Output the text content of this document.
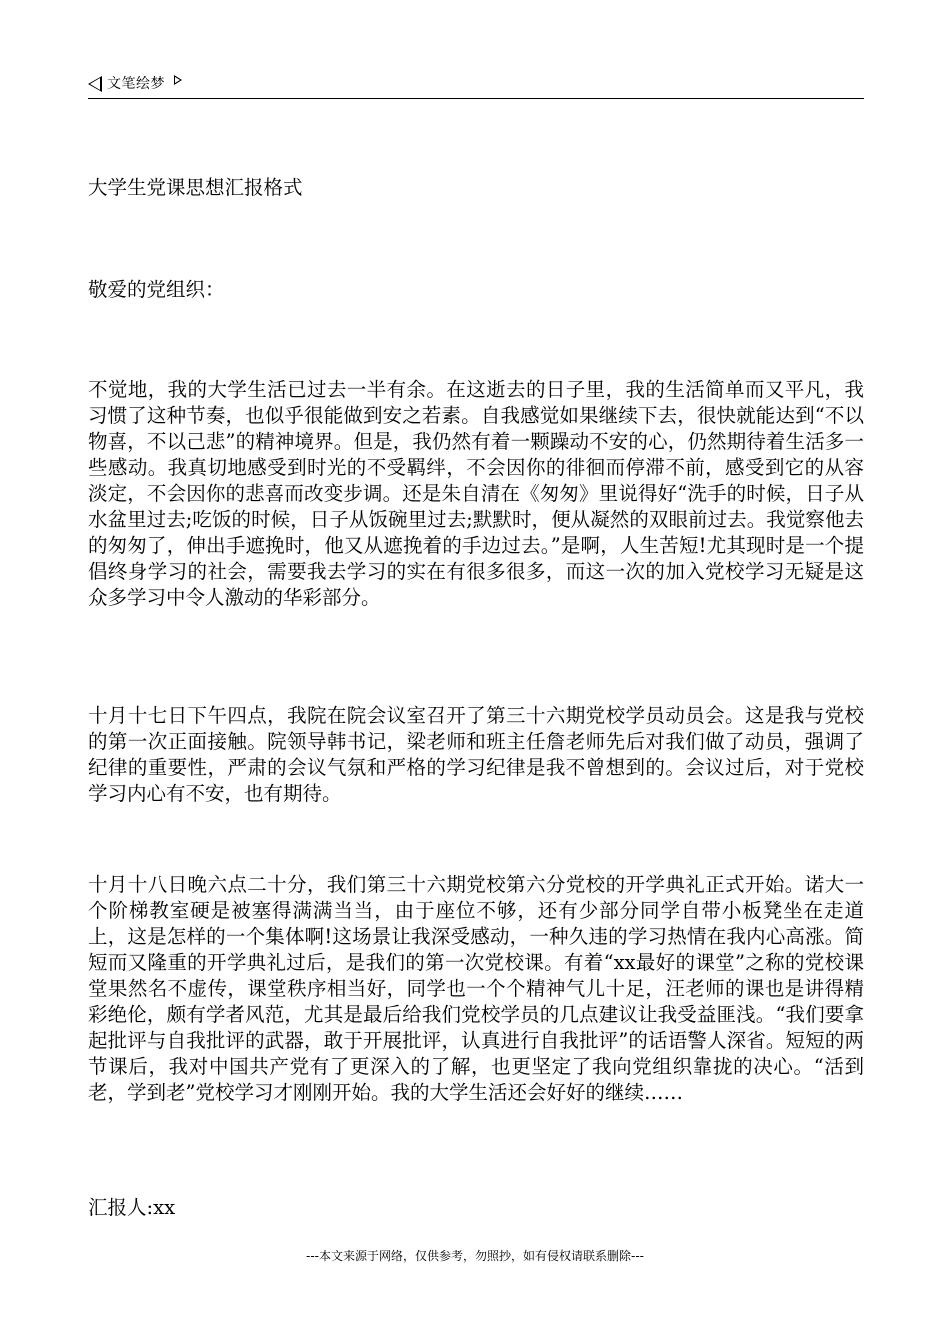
文笔绘梦

大学生党课思想汇报格式

敬爱的党组织：

不觉地，我的大学生活已过去一半有余。在这逝去的日子里，我的生活简单而又平凡，我习惯了这种节奏，也似乎很能做到安之若素。自我感觉如果继续下去，很快就能达到“不以物喜，不以己悲”的精神境界。但是，我仍然有着一颗躁动不安的心，仍然期待着生活多一些感动。我真切地感受到时光的不受羁绊，不会因你的徘徊而停滞不前，感受到它的从容淡定，不会因你的悲喜而改变步调。还是朱自清在《匆匆》里说得好“洗手的时候，日子从水盆里过去;吃饭的时候，日子从饭碗里过去;默默时，便从凝然的双眼前过去。我觉察他去的匆匆了，伸出手遮挽时，他又从遮挽着的手边过去。”是啊，人生苦短!尤其现时是一个提倡终身学习的社会，需要我去学习的实在有很多很多，而这一次的加入党校学习无疑是这众多学习中令人激动的华彩部分。

十月十七日下午四点，我院在院会议室召开了第三十六期党校学员动员会。这是我与党校的第一次正面接触。院领导韩书记，梁老师和班主任詹老师先后对我们做了动员，强调了纪律的重要性，严肃的会议气氛和严格的学习纪律是我不曾想到的。会议过后，对于党校学习内心有不安，也有期待。

十月十八日晚六点二十分，我们第三十六期党校第六分党校的开学典礼正式开始。诺大一个阶梯教室硬是被塞得满满当当，由于座位不够，还有少部分同学自带小板凳坐在走道上，这是怎样的一个集体啊!这场景让我深受感动，一种久违的学习热情在我内心高涨。简短而又隆重的开学典礼过后，是我们的第一次党校课。有着“xx最好的课堂”之称的党校课堂果然名不虚传，课堂秩序相当好，同学也一个个精神气儿十足，汪老师的课也是讲得精彩绝伦，颇有学者风范，尤其是最后给我们党校学员的几点建议让我受益匪浅。“我们要拿起批评与自我批评的武器，敢于开展批评，认真进行自我批评”的话语警人深省。短短的两节课后，我对中国共产党有了更深入的了解，也更坚定了我向党组织靠拢的决心。“活到老，学到老”党校学习才刚刚开始。我的大学生活还会好好的继续……

汇报人:xx

---本文来源于网络，仅供参考，勿照抄，如有侵权请联系删除---
